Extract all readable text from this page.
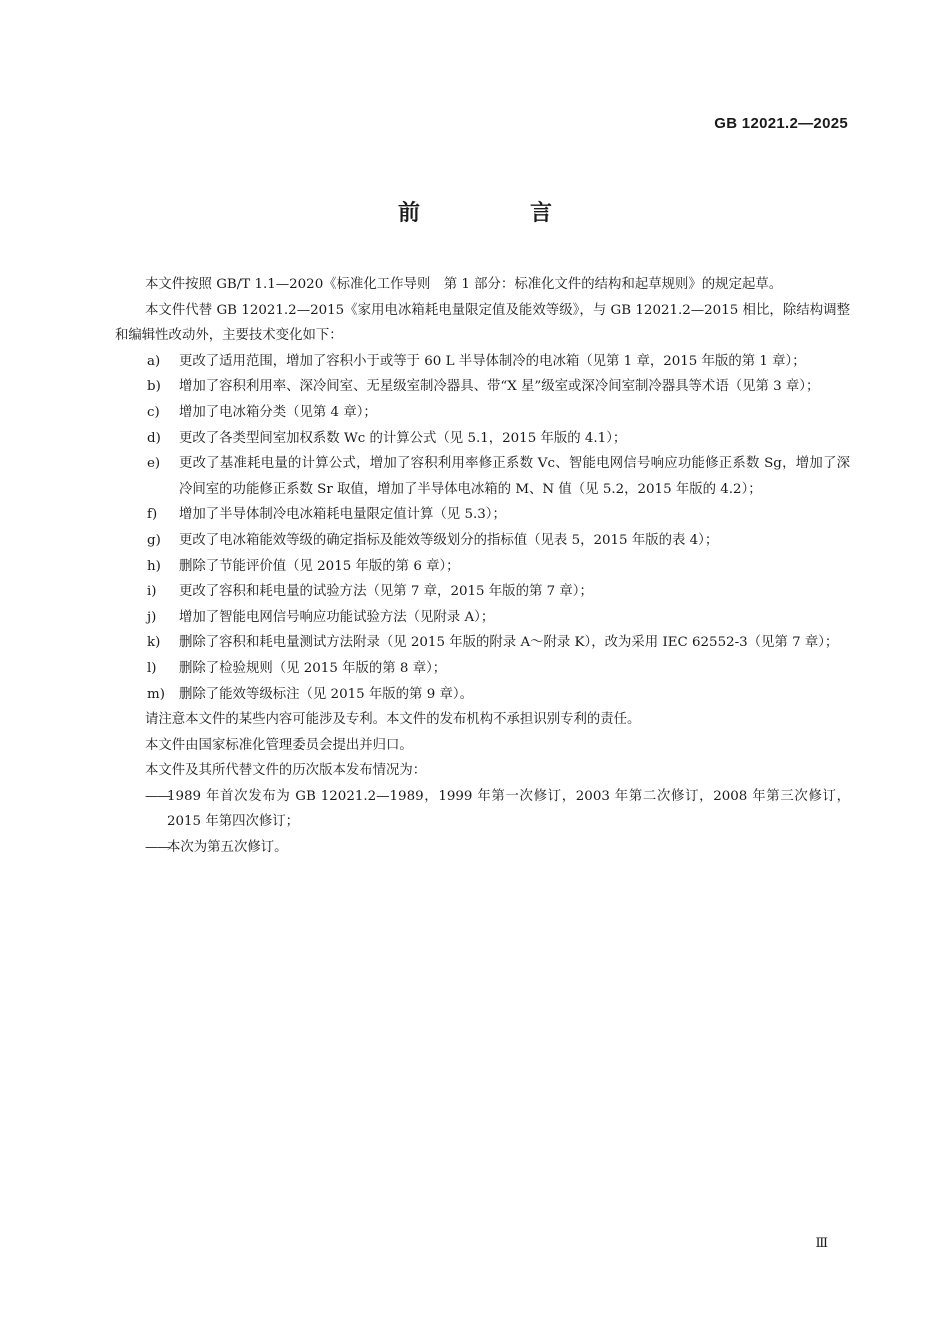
GB 12021.2—2025
前　言

本文件按照 GB/T 1.1—2020《标准化工作导则　第 1 部分：标准化文件的结构和起草规则》的规定起草。

本文件代替 GB 12021.2—2015《家用电冰箱耗电量限定值及能效等级》，与 GB 12021.2—2015 相比，除结构调整和编辑性改动外，主要技术变化如下：

a) 更改了适用范围，增加了容积小于或等于 60 L 半导体制冷的电冰箱（见第 1 章，2015 年版的第 1 章）；

b) 增加了容积利用率、深冷间室、无星级室制冷器具、带“X 星”级室或深冷间室制冷器具等术语（见第 3 章）；

c) 增加了电冰箱分类（见第 4 章）；

d) 更改了各类型间室加权系数 Wc 的计算公式（见 5.1，2015 年版的 4.1）；

e) 更改了基准耗电量的计算公式，增加了容积利用率修正系数 Vc、智能电网信号响应功能修正系数 Sg，增加了深冷间室的功能修正系数 Sr 取值，增加了半导体电冰箱的 M、N 值（见 5.2，2015 年版的 4.2）；

f) 增加了半导体制冷电冰箱耗电量限定值计算（见 5.3）；

g) 更改了电冰箱能效等级的确定指标及能效等级划分的指标值（见表 5，2015 年版的表 4）；

h) 删除了节能评价值（见 2015 年版的第 6 章）；

i) 更改了容积和耗电量的试验方法（见第 7 章，2015 年版的第 7 章）；

j) 增加了智能电网信号响应功能试验方法（见附录 A）；

k) 删除了容积和耗电量测试方法附录（见 2015 年版的附录 A～附录 K），改为采用 IEC 62552-3（见第 7 章）；

l) 删除了检验规则（见 2015 年版的第 8 章）；

m) 删除了能效等级标注（见 2015 年版的第 9 章）。

请注意本文件的某些内容可能涉及专利。本文件的发布机构不承担识别专利的责任。

本文件由国家标准化管理委员会提出并归口。

本文件及其所代替文件的历次版本发布情况为：

——
1989 年首次发布为 GB 12021.2—1989，1999 年第一次修订，2003 年第二次修订，2008 年第三次修订，2015 年第四次修订；

——
本次为第五次修订。

Ⅲ
